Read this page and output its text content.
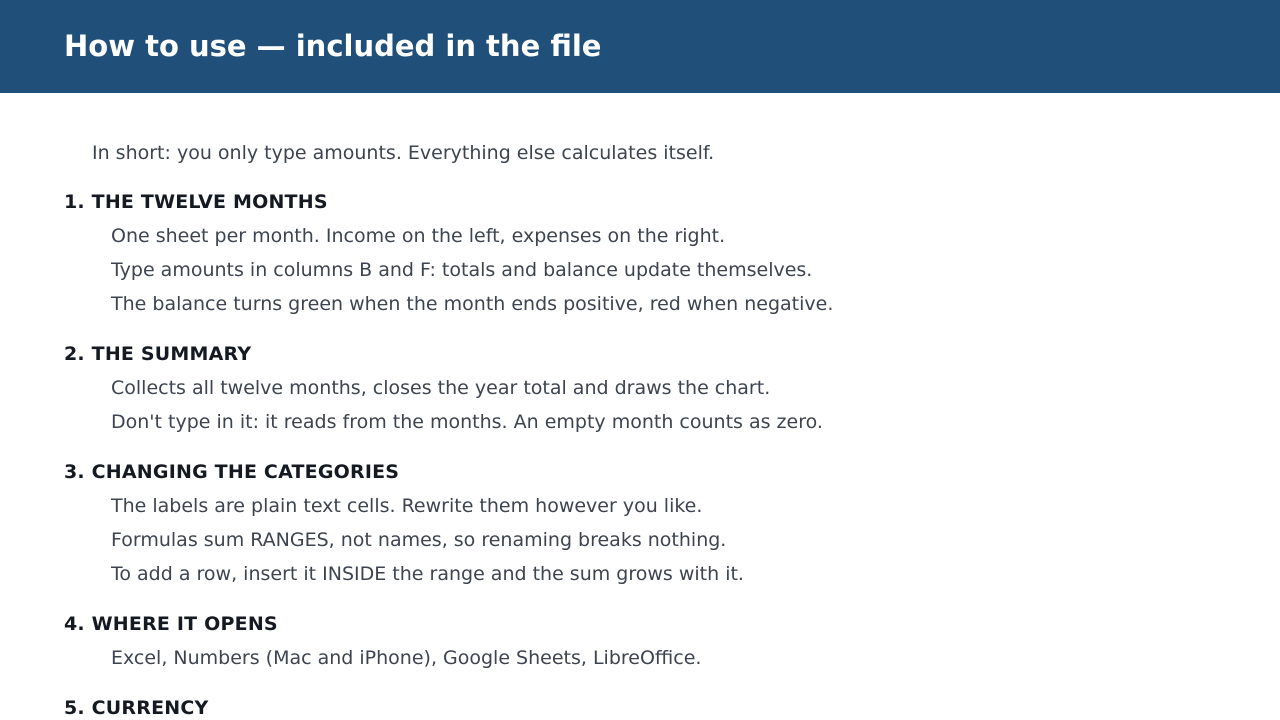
How to use — included in the file
In short: you only type amounts. Everything else calculates itself.
1. THE TWELVE MONTHS
One sheet per month. Income on the left, expenses on the right.
Type amounts in columns B and F: totals and balance update themselves.
The balance turns green when the month ends positive, red when negative.
2. THE SUMMARY
Collects all twelve months, closes the year total and draws the chart.
Don't type in it: it reads from the months. An empty month counts as zero.
3. CHANGING THE CATEGORIES
The labels are plain text cells. Rewrite them however you like.
Formulas sum RANGES, not names, so renaming breaks nothing.
To add a row, insert it INSIDE the range and the sum grows with it.
4. WHERE IT OPENS
Excel, Numbers (Mac and iPhone), Google Sheets, LibreOffice.
5. CURRENCY
